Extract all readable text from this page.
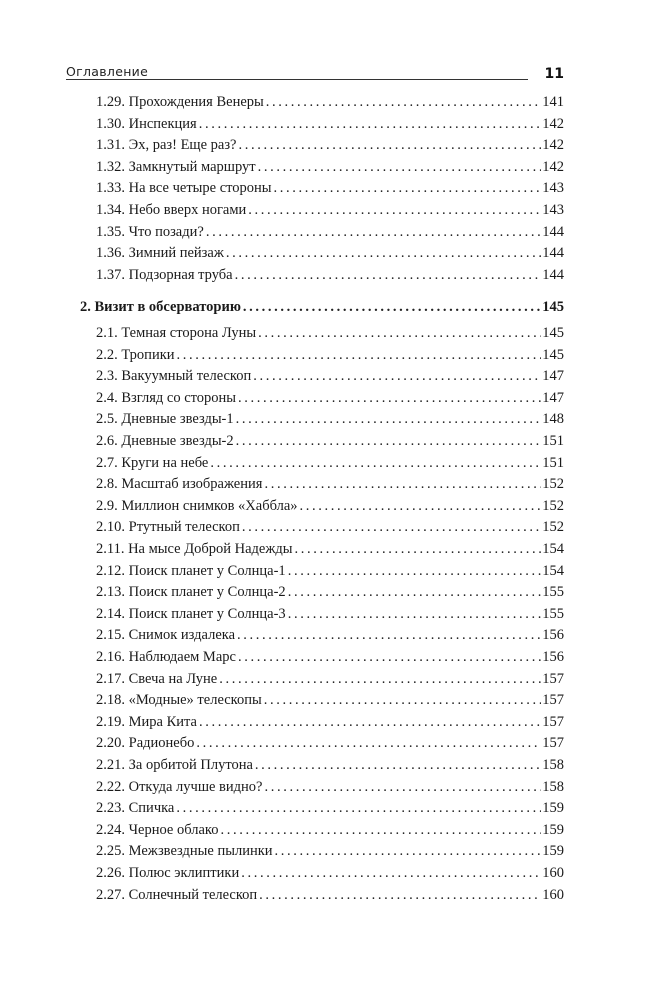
Оглавление	11
1.29. Прохождения Венеры . . .	141
1.30. Инспекция . . .	142
1.31. Эх, раз! Еще раз? . . .	142
1.32. Замкнутый маршрут . . .	142
1.33. На все четыре стороны . . .	143
1.34. Небо вверх ногами . . .	143
1.35. Что позади? . . .	144
1.36. Зимний пейзаж . . .	144
1.37. Подзорная труба . . .	144
2. Визит в обсерваторию . . .	145
2.1. Темная сторона Луны . . .	145
2.2. Тропики . . .	145
2.3. Вакуумный телескоп . . .	147
2.4. Взгляд со стороны . . .	147
2.5. Дневные звезды-1 . . .	148
2.6. Дневные звезды-2 . . .	151
2.7. Круги на небе . . .	151
2.8. Масштаб изображения . . .	152
2.9. Миллион снимков «Хаббла» . . .	152
2.10. Ртутный телескоп . . .	152
2.11. На мысе Доброй Надежды . . .	154
2.12. Поиск планет у Солнца-1 . . .	154
2.13. Поиск планет у Солнца-2 . . .	155
2.14. Поиск планет у Солнца-3 . . .	155
2.15. Снимок издалека . . .	156
2.16. Наблюдаем Марс . . .	156
2.17. Свеча на Луне . . .	157
2.18. «Модные» телескопы . . .	157
2.19. Мира Кита . . .	157
2.20. Радионебо . . .	157
2.21. За орбитой Плутона . . .	158
2.22. Откуда лучше видно? . . .	158
2.23. Спичка . . .	159
2.24. Черное облако . . .	159
2.25. Межзвездные пылинки . . .	159
2.26. Полюс эклиптики . . .	160
2.27. Солнечный телескоп . . .	160
